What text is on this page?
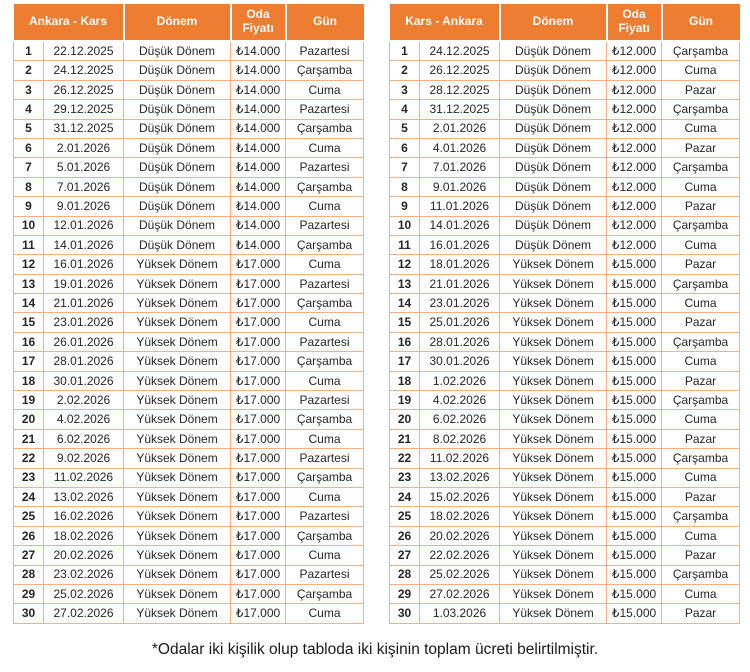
Ankara - Kars		Dönem	Oda Fiyatı	Gün
1	22.12.2025	Düşük Dönem	₺14.000	Pazartesi
2	24.12.2025	Düşük Dönem	₺14.000	Çarşamba
3	26.12.2025	Düşük Dönem	₺14.000	Cuma
4	29.12.2025	Düşük Dönem	₺14.000	Pazartesi
5	31.12.2025	Düşük Dönem	₺14.000	Çarşamba
6	2.01.2026	Düşük Dönem	₺14.000	Cuma
7	5.01.2026	Düşük Dönem	₺14.000	Pazartesi
8	7.01.2026	Düşük Dönem	₺14.000	Çarşamba
9	9.01.2026	Düşük Dönem	₺14.000	Cuma
10	12.01.2026	Düşük Dönem	₺14.000	Pazartesi
11	14.01.2026	Düşük Dönem	₺14.000	Çarşamba
12	16.01.2026	Yüksek Dönem	₺17.000	Cuma
13	19.01.2026	Yüksek Dönem	₺17.000	Pazartesi
14	21.01.2026	Yüksek Dönem	₺17.000	Çarşamba
15	23.01.2026	Yüksek Dönem	₺17.000	Cuma
16	26.01.2026	Yüksek Dönem	₺17.000	Pazartesi
17	28.01.2026	Yüksek Dönem	₺17.000	Çarşamba
18	30.01.2026	Yüksek Dönem	₺17.000	Cuma
19	2.02.2026	Yüksek Dönem	₺17.000	Pazartesi
20	4.02.2026	Yüksek Dönem	₺17.000	Çarşamba
21	6.02.2026	Yüksek Dönem	₺17.000	Cuma
22	9.02.2026	Yüksek Dönem	₺17.000	Pazartesi
23	11.02.2026	Yüksek Dönem	₺17.000	Çarşamba
24	13.02.2026	Yüksek Dönem	₺17.000	Cuma
25	16.02.2026	Yüksek Dönem	₺17.000	Pazartesi
26	18.02.2026	Yüksek Dönem	₺17.000	Çarşamba
27	20.02.2026	Yüksek Dönem	₺17.000	Cuma
28	23.02.2026	Yüksek Dönem	₺17.000	Pazartesi
29	25.02.2026	Yüksek Dönem	₺17.000	Çarşamba
30	27.02.2026	Yüksek Dönem	₺17.000	Cuma
Kars - Ankara		Dönem	Oda Fiyatı	Gün
1	24.12.2025	Düşük Dönem	₺12.000	Çarşamba
2	26.12.2025	Düşük Dönem	₺12.000	Cuma
3	28.12.2025	Düşük Dönem	₺12.000	Pazar
4	31.12.2025	Düşük Dönem	₺12.000	Çarşamba
5	2.01.2026	Düşük Dönem	₺12.000	Cuma
6	4.01.2026	Düşük Dönem	₺12.000	Pazar
7	7.01.2026	Düşük Dönem	₺12.000	Çarşamba
8	9.01.2026	Düşük Dönem	₺12.000	Cuma
9	11.01.2026	Düşük Dönem	₺12.000	Pazar
10	14.01.2026	Düşük Dönem	₺12.000	Çarşamba
11	16.01.2026	Düşük Dönem	₺12.000	Cuma
12	18.01.2026	Yüksek Dönem	₺15.000	Pazar
13	21.01.2026	Yüksek Dönem	₺15.000	Çarşamba
14	23.01.2026	Yüksek Dönem	₺15.000	Cuma
15	25.01.2026	Yüksek Dönem	₺15.000	Pazar
16	28.01.2026	Yüksek Dönem	₺15.000	Çarşamba
17	30.01.2026	Yüksek Dönem	₺15.000	Cuma
18	1.02.2026	Yüksek Dönem	₺15.000	Pazar
19	4.02.2026	Yüksek Dönem	₺15.000	Çarşamba
20	6.02.2026	Yüksek Dönem	₺15.000	Cuma
21	8.02.2026	Yüksek Dönem	₺15.000	Pazar
22	11.02.2026	Yüksek Dönem	₺15.000	Çarşamba
23	13.02.2026	Yüksek Dönem	₺15.000	Cuma
24	15.02.2026	Yüksek Dönem	₺15.000	Pazar
25	18.02.2026	Yüksek Dönem	₺15.000	Çarşamba
26	20.02.2026	Yüksek Dönem	₺15.000	Cuma
27	22.02.2026	Yüksek Dönem	₺15.000	Pazar
28	25.02.2026	Yüksek Dönem	₺15.000	Çarşamba
29	27.02.2026	Yüksek Dönem	₺15.000	Cuma
30	1.03.2026	Yüksek Dönem	₺15.000	Pazar
*Odalar iki kişilik olup tabloda iki kişinin toplam ücreti belirtilmiştir.
